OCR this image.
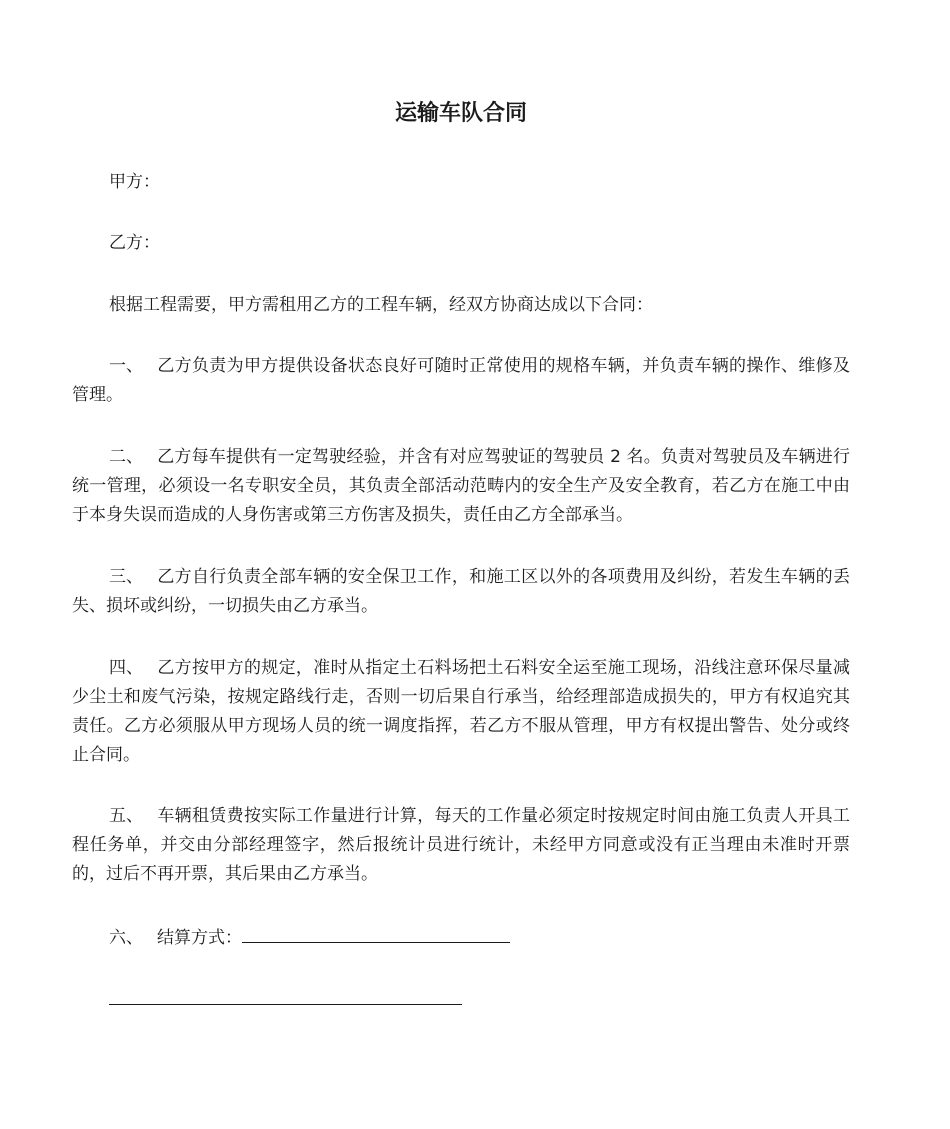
运输车队合同
甲方：
乙方：

根据工程需要，甲方需租用乙方的工程车辆，经双方协商达成以下合同：

一、 乙方负责为甲方提供设备状态良好可随时正常使用的规格车辆，并负责车辆的操作、维修及管理。

二、 乙方每车提供有一定驾驶经验，并含有对应驾驶证的驾驶员 2 名。负责对驾驶员及车辆进行统一管理，必须设一名专职安全员，其负责全部活动范畴内的安全生产及安全教育，若乙方在施工中由于本身失误而造成的人身伤害或第三方伤害及损失，责任由乙方全部承当。

三、 乙方自行负责全部车辆的安全保卫工作，和施工区以外的各项费用及纠纷，若发生车辆的丢失、损坏或纠纷，一切损失由乙方承当。

四、 乙方按甲方的规定，准时从指定土石料场把土石料安全运至施工现场，沿线注意环保尽量减少尘土和废气污染，按规定路线行走，否则一切后果自行承当，给经理部造成损失的，甲方有权追究其责任。乙方必须服从甲方现场人员的统一调度指挥，若乙方不服从管理，甲方有权提出警告、处分或终止合同。

五、 车辆租赁费按实际工作量进行计算，每天的工作量必须定时按规定时间由施工负责人开具工程任务单，并交由分部经理签字，然后报统计员进行统计，未经甲方同意或没有正当理由未准时开票的，过后不再开票，其后果由乙方承当。

六、 结算方式：
